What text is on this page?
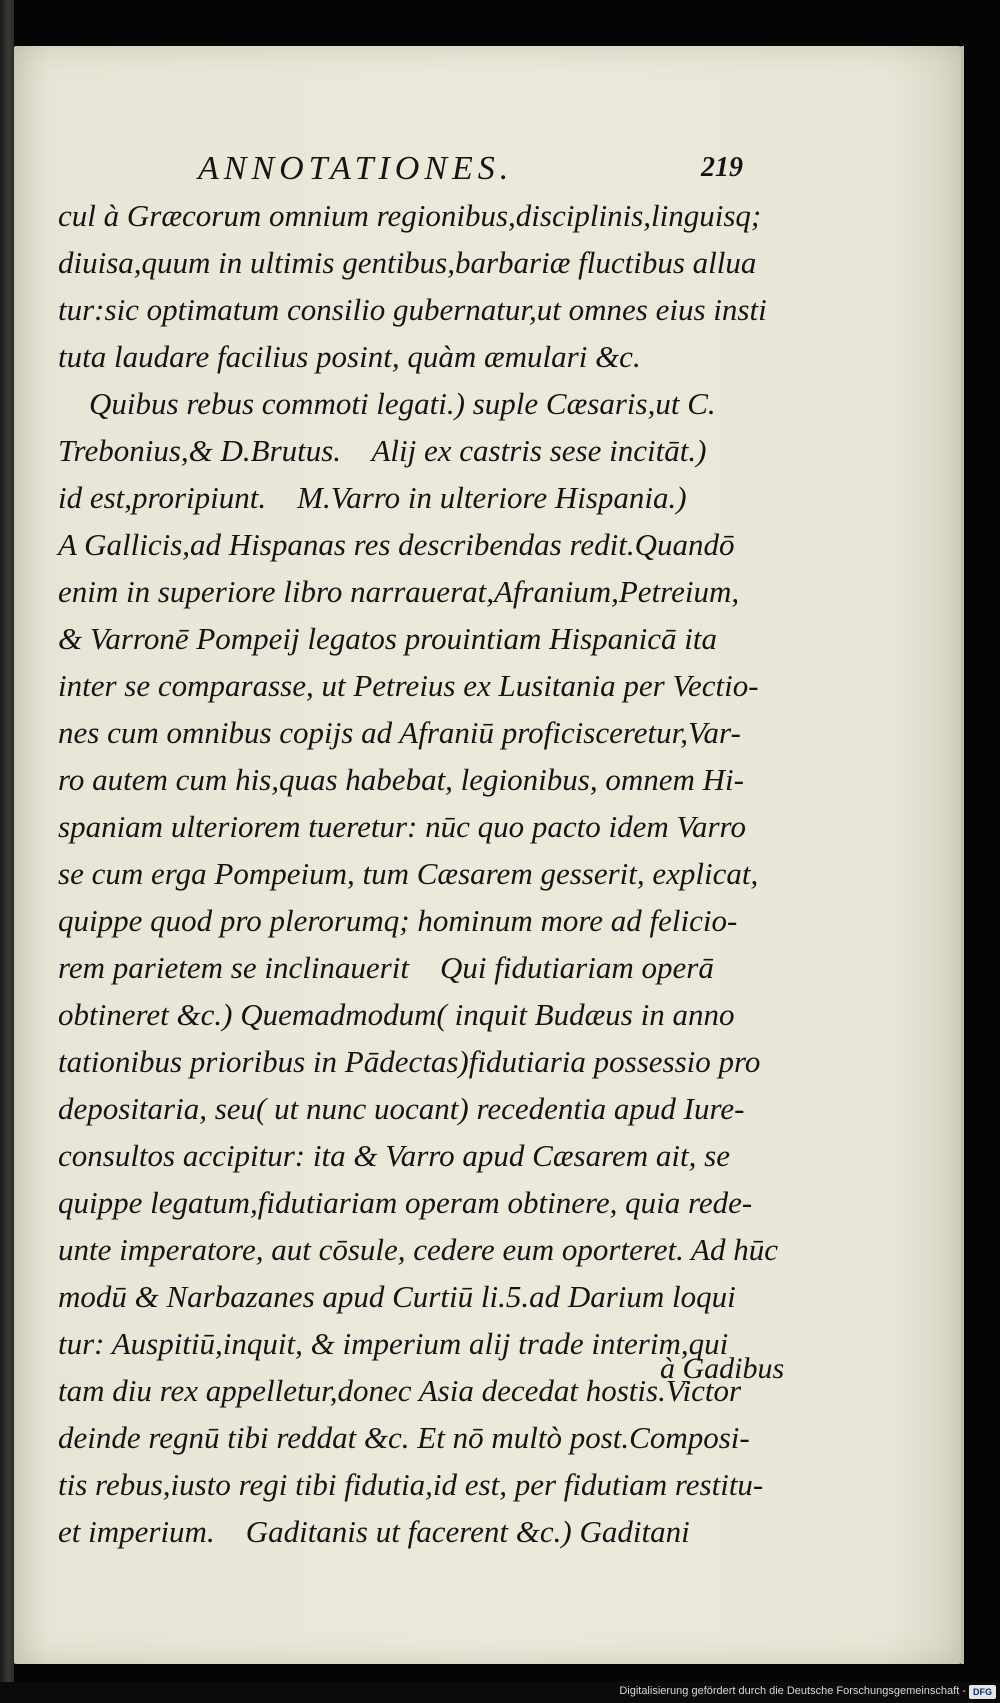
ANNOTATIONES.	219
cul à Græcorum omnium regionibus,disciplinis,linguisq;
diuisa,quum in ultimis gentibus,barbariæ fluctibus allua
tur:sic optimatum consilio gubernatur,ut omnes eius insti
tuta laudare facilius posint, quàm æmulari &c.
Quibus rebus commoti legati.) suple Cæsaris,ut C.
Trebonius,& D.Brutus.    Alij ex castris sese incitāt.)
id est,proripiunt.    M.Varro in ulteriore Hispania.)
A Gallicis,ad Hispanas res describendas redit.Quandō
enim in superiore libro narrauerat,Afranium,Petreium,
& Varronē Pompeij legatos prouintiam Hispanicā ita
inter se comparasse, ut Petreius ex Lusitania per Vectio-
nes cum omnibus copijs ad Afraniū proficisceretur,Var-
ro autem cum his,quas habebat, legionibus, omnem Hi-
spaniam ulteriorem tueretur: nūc quo pacto idem Varro
se cum erga Pompeium, tum Cæsarem gesserit, explicat,
quippe quod pro plerorumq; hominum more ad felicio-
rem parietem se inclinauerit    Qui fidutiariam operā
obtineret &c.) Quemadmodum( inquit Budæus in anno
tationibus prioribus in Pādectas)fidutiaria possessio pro
depositaria, seu( ut nunc uocant) recedentia apud Iure-
consultos accipitur: ita & Varro apud Cæsarem ait, se
quippe legatum,fidutiariam operam obtinere, quia rede-
unte imperatore, aut cōsule, cedere eum oporteret. Ad hūc
modū & Narbazanes apud Curtiū li.5.ad Darium loqui
tur: Auspitiū,inquit, & imperium alij trade interim,qui
tam diu rex appelletur,donec Asia decedat hostis.Victor
deinde regnū tibi reddat &c. Et nō multò post.Composi-
tis rebus,iusto regi tibi fidutia,id est, per fidutiam restitu-
et imperium.    Gaditanis ut facerent &c.) Gaditani
à Gadibus
Digitalisierung gefördert durch die Deutsche Forschungsgemeinschaft - DFG
